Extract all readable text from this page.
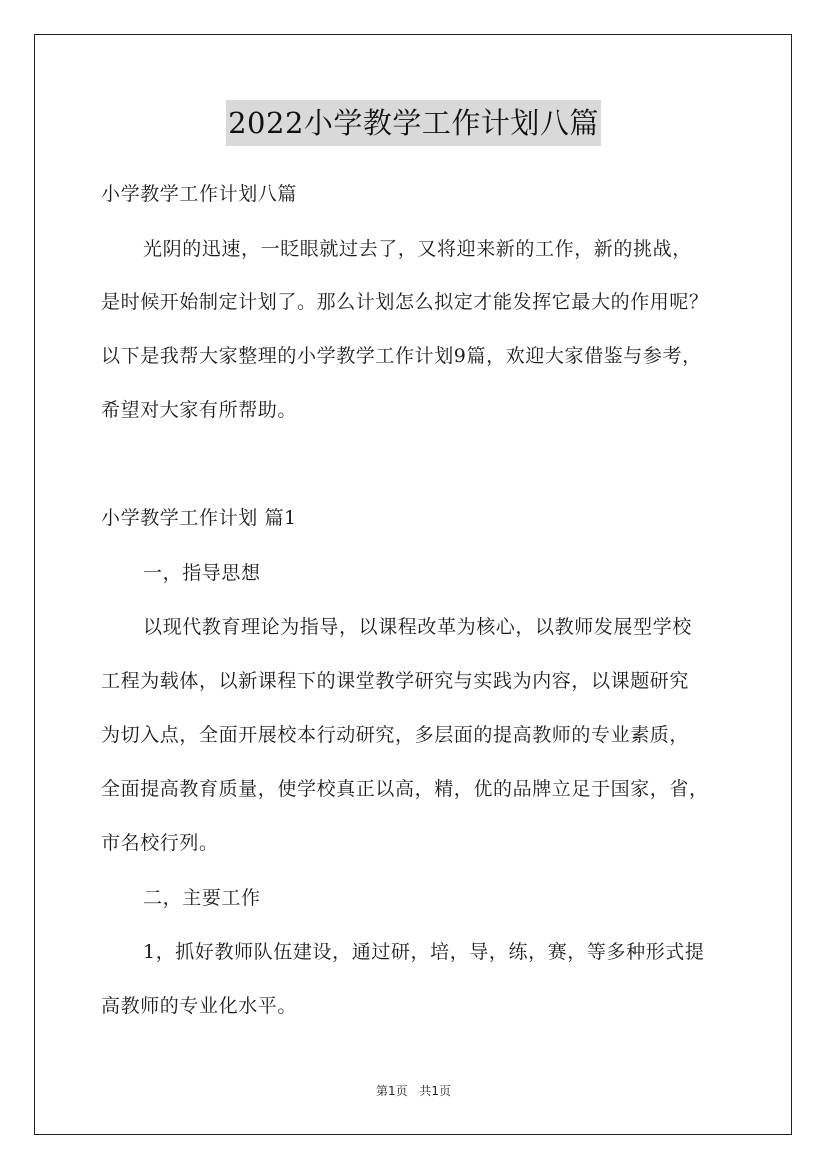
2022小学教学工作计划八篇
小学教学工作计划八篇
光阴的迅速，一眨眼就过去了，又将迎来新的工作，新的挑战，
是时候开始制定计划了。那么计划怎么拟定才能发挥它最大的作用呢？
以下是我帮大家整理的小学教学工作计划9篇，欢迎大家借鉴与参考，
希望对大家有所帮助。
小学教学工作计划 篇1
一，指导思想
以现代教育理论为指导，以课程改革为核心，以教师发展型学校
工程为载体，以新课程下的课堂教学研究与实践为内容，以课题研究
为切入点，全面开展校本行动研究，多层面的提高教师的专业素质，
全面提高教育质量，使学校真正以高，精，优的品牌立足于国家，省，
市名校行列。
二，主要工作
1，抓好教师队伍建设，通过研，培，导，练，赛，等多种形式提
高教师的专业化水平。
第1页 共1页
